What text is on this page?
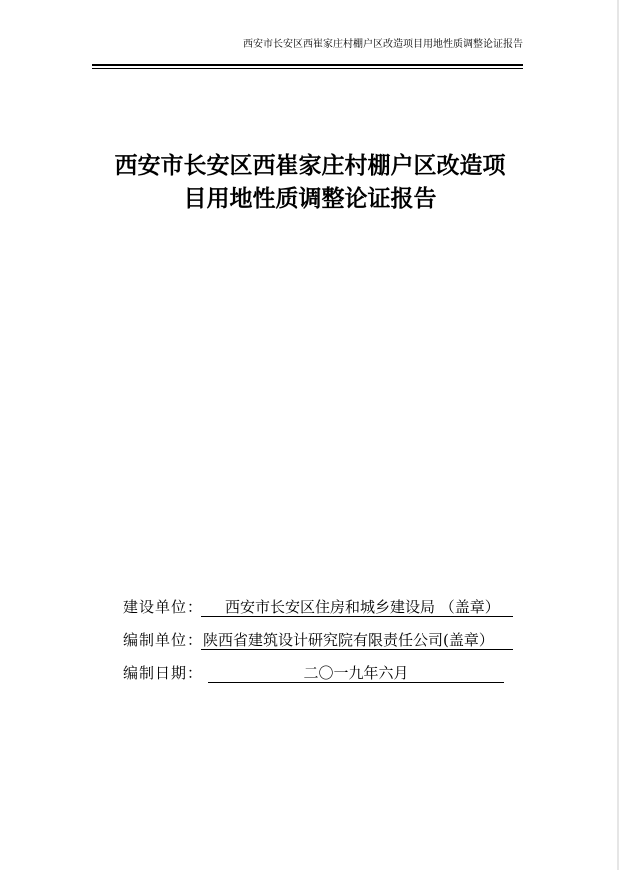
西安市长安区西崔家庄村棚户区改造项目用地性质调整论证报告
西安市长安区西崔家庄村棚户区改造项
目用地性质调整论证报告
建设单位： 西安市长安区住房和城乡建设局 （盖章）
编制单位： 陕西省建筑设计研究院有限责任公司(盖章）
编制日期：	二〇一九年六月
